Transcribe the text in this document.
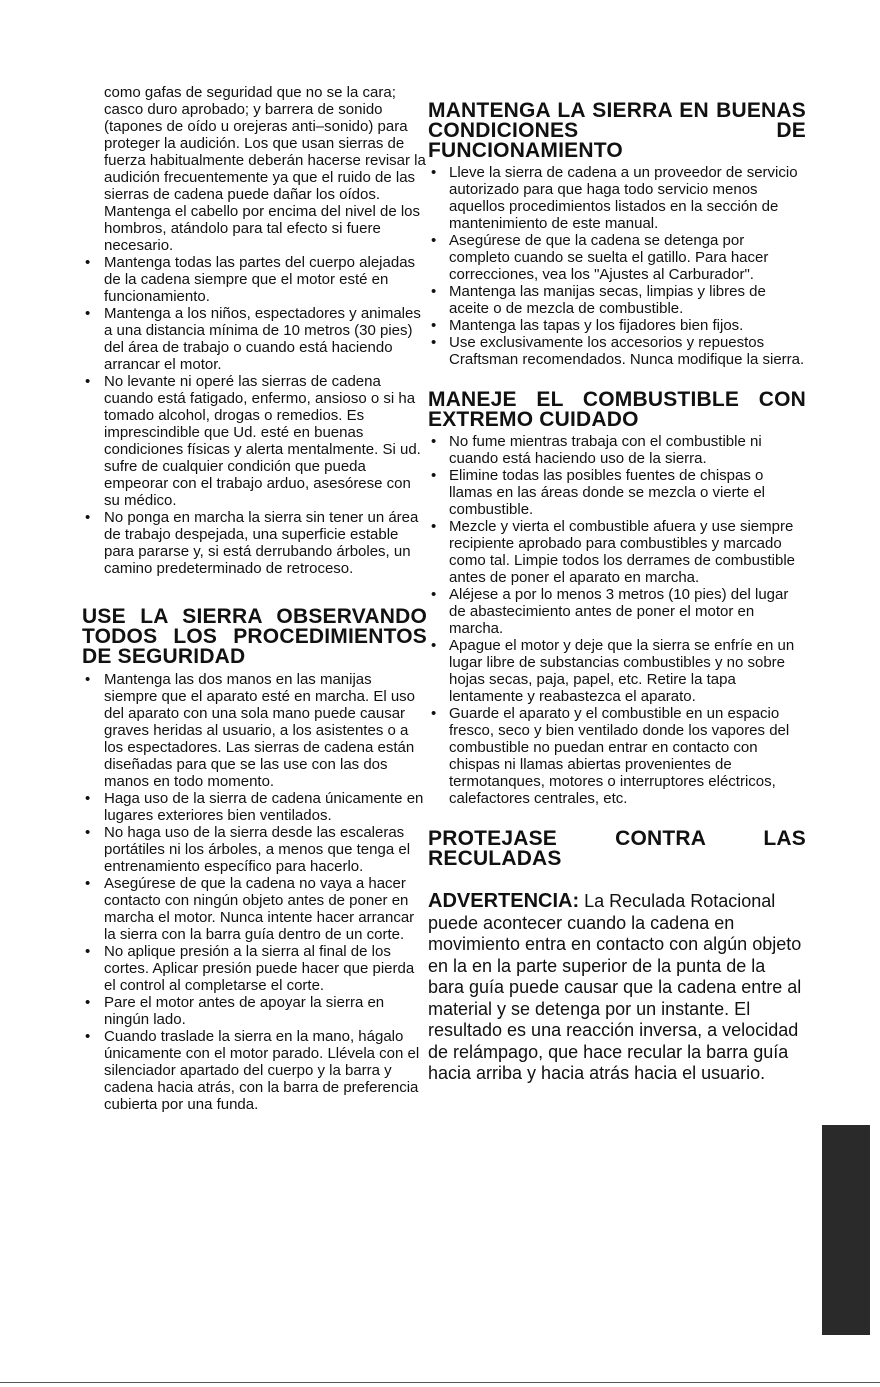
como gafas de seguridad que no se la cara; casco duro aprobado; y barrera de sonido (tapones de oído u orejeras anti–sonido) para proteger la audición. Los que usan sierras de fuerza habitualmente deberán hacerse revisar la audición frecuentemente ya que el ruido de las sierras de cadena puede dañar los oídos. Mantenga el cabello por encima del nivel de los hombros, atándolo para tal efecto si fuere necesario.

• Mantenga todas las partes del cuerpo alejadas de la cadena siempre que el motor esté en funcionamiento.
• Mantenga a los niños, espectadores y animales a una distancia mínima de 10 metros (30 pies) del área de trabajo o cuando está haciendo arrancar el motor.
• No levante ni operé las sierras de cadena cuando está fatigado, enfermo, ansioso o si ha tomado alcohol, drogas o remedios. Es imprescindible que Ud. esté en buenas condiciones físicas y alerta mentalmente. Si ud. sufre de cualquier condición que pueda empeorar con el trabajo arduo, asesórese con su médico.
• No ponga en marcha la sierra sin tener un área de trabajo despejada, una superficie estable para pararse y, si está derrubando árboles, un camino predeterminado de retroceso.
USE LA SIERRA OBSERVANDO TODOS LOS PROCEDIMIENTOS DE SEGURIDAD
• Mantenga las dos manos en las manijas siempre que el aparato esté en marcha. El uso del aparato con una sola mano puede causar graves heridas al usuario, a los asistentes o a los espectadores. Las sierras de cadena están diseñadas para que se las use con las dos manos en todo momento.
• Haga uso de la sierra de cadena únicamente en lugares exteriores bien ventilados.
• No haga uso de la sierra desde las escaleras portátiles ni los árboles, a menos que tenga el entrenamiento específico para hacerlo.
• Asegúrese de que la cadena no vaya a hacer contacto con ningún objeto antes de poner en marcha el motor. Nunca intente hacer arrancar la sierra con la barra guía dentro de un corte.
• No aplique presión a la sierra al final de los cortes. Aplicar presión puede hacer que pierda el control al completarse el corte.
• Pare el motor antes de apoyar la sierra en ningún lado.
• Cuando traslade la sierra en la mano, hágalo únicamente con el motor parado. Llévela con el silenciador apartado del cuerpo y la barra y cadena hacia atrás, con la barra de preferencia cubierta por una funda.
MANTENGA LA SIERRA EN BUENAS CONDICIONES DE FUNCIONAMIENTO
• Lleve la sierra de cadena a un proveedor de servicio autorizado para que haga todo servicio menos aquellos procedimientos listados en la sección de mantenimiento de este manual.
• Asegúrese de que la cadena se detenga por completo cuando se suelta el gatillo. Para hacer correcciones, vea los "Ajustes al Carburador".
• Mantenga las manijas secas, limpias y libres de aceite o de mezcla de combustible.
• Mantenga las tapas y los fijadores bien fijos.
• Use exclusivamente los accesorios y repuestos Craftsman recomendados. Nunca modifique la sierra.
MANEJE EL COMBUSTIBLE CON EXTREMO CUIDADO
• No fume mientras trabaja con el combustible ni cuando está haciendo uso de la sierra.
• Elimine todas las posibles fuentes de chispas o llamas en las áreas donde se mezcla o vierte el combustible.
• Mezcle y vierta el combustible afuera y use siempre recipiente aprobado para combustibles y marcado como tal. Limpie todos los derrames de combustible antes de poner el aparato en marcha.
• Aléjese a por lo menos 3 metros (10 pies) del lugar de abastecimiento antes de poner el motor en marcha.
• Apague el motor y deje que la sierra se enfríe en un lugar libre de substancias combustibles y no sobre hojas secas, paja, papel, etc. Retire la tapa lentamente y reabastezca el aparato.
• Guarde el aparato y el combustible en un espacio fresco, seco y bien ventilado donde los vapores del combustible no puedan entrar en contacto con chispas ni llamas abiertas provenientes de termotanques, motores o interruptores eléctricos, calefactores centrales, etc.
PROTEJASE CONTRA LAS RECULADAS

ADVERTENCIA: La Reculada Rotacional puede acontecer cuando la cadena en movimiento entra en contacto con algún objeto en la en la parte superior de la punta de la bara guía puede causar que la cadena entre al material y se detenga por un instante. El resultado es una reacción inversa, a velocidad de relámpago, que hace recular la barra guía hacia arriba y hacia atrás hacia el usuario.
